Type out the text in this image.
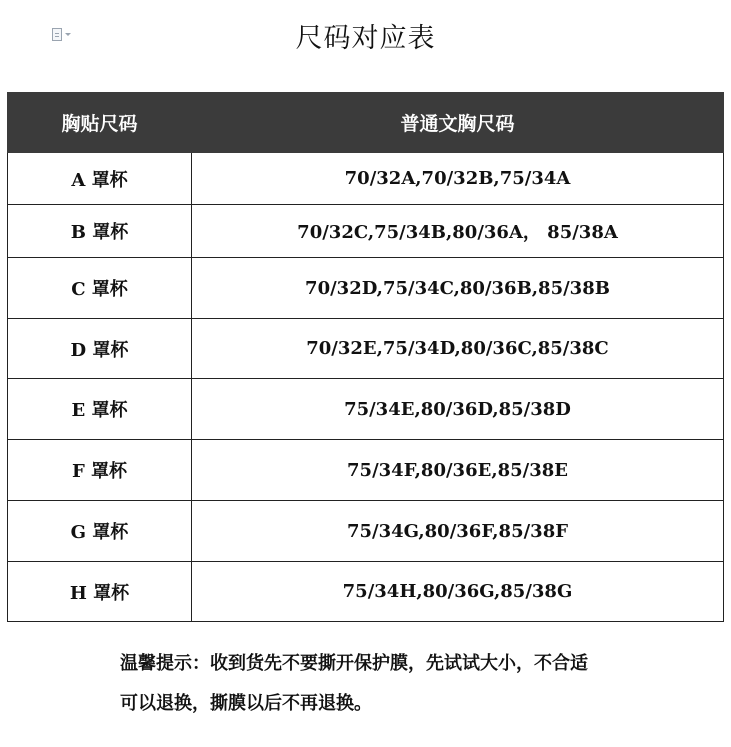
尺码对应表
胸贴尺码	普通文胸尺码
A 罩杯	70/32A,70/32B,75/34A
B 罩杯	70/32C,75/34B,80/36A， 85/38A
C 罩杯	70/32D,75/34C,80/36B,85/38B
D 罩杯	70/32E,75/34D,80/36C,85/38C
E 罩杯	75/34E,80/36D,85/38D
F 罩杯	75/34F,80/36E,85/38E
G 罩杯	75/34G,80/36F,85/38F
H 罩杯	75/34H,80/36G,85/38G
温馨提示：收到货先不要撕开保护膜，先试试大小，不合适
可以退换，撕膜以后不再退换。
